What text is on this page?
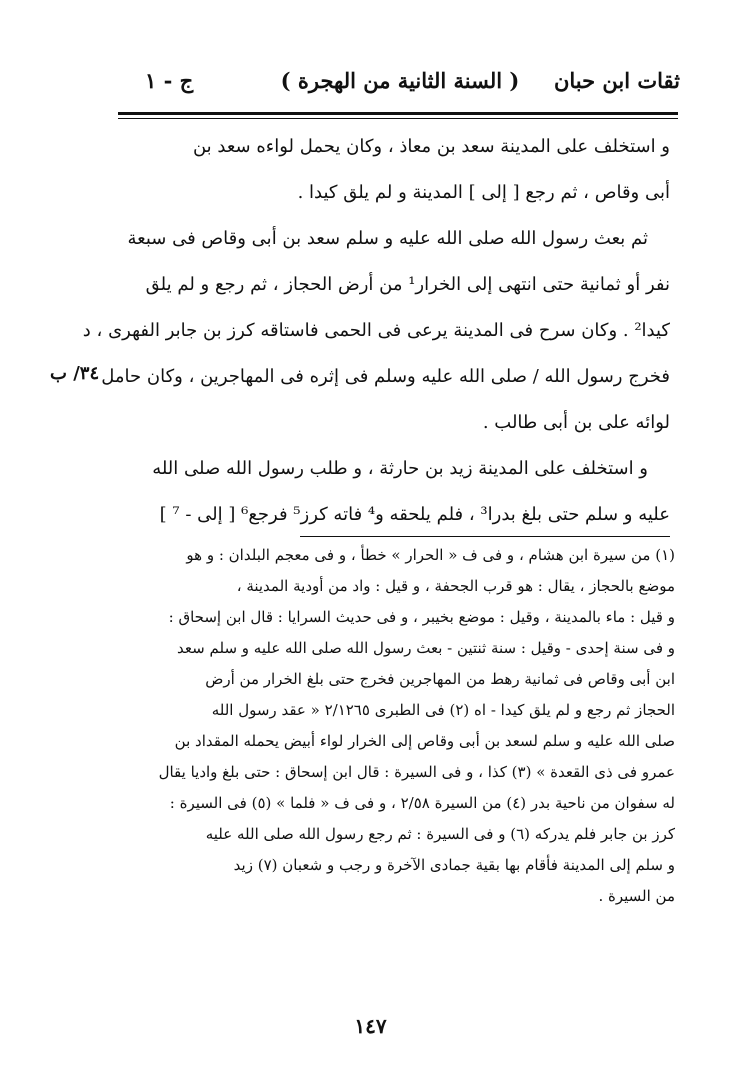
ثقات ابن حبان
( السنة الثانية من الهجرة )
ج - ١
و استخلف على المدينة سعد بن معاذ ، وكان يحمل لواءه سعد بن
أبى وقاص ، ثم رجع [ إلى ] المدينة و لم يلق كيدا .
ثم بعث رسول الله صلى الله عليه و سلم سعد بن أبى وقاص فى سبعة
نفر أو ثمانية حتى انتهى إلى الخرار¹ من أرض الحجاز ، ثم رجع و لم يلق
كيدا² . وكان سرح فى المدينة يرعى فى الحمى فاستاقه كرز بن جابر الفهرى ، د
فخرج رسول الله / صلى الله عليه وسلم فى إثره فى المهاجرين ، وكان حامل
لوائه على بن أبى طالب .
و استخلف على المدينة زيد بن حارثة ، و طلب رسول الله صلى الله
عليه و سلم حتى بلغ بدرا³ ، فلم يلحقه و⁴ فاته كرز⁵ فرجع⁶ [ إلى - ⁷ ]
٣٤/ ب
(١) من سيرة ابن هشام ، و فى ف « الحرار » خطأ ، و فى معجم البلدان : و هو
موضع بالحجاز ، يقال : هو قرب الجحفة ، و قيل : واد من أودية المدينة ،
و قيل : ماء بالمدينة ، وقيل : موضع بخيبر ، و فى حديث السرايا : قال ابن إسحاق :
و فى سنة إحدى - وقيل : سنة ثنتين - بعث رسول الله صلى الله عليه و سلم سعد
ابن أبى وقاص فى ثمانية رهط من المهاجرين فخرج حتى بلغ الخرار من أرض
الحجاز ثم رجع و لم يلق كيدا - اه (٢) فى الطبرى ٢/١٢٦٥ « عقد رسول الله
صلى الله عليه و سلم لسعد بن أبى وقاص إلى الخرار لواء أبيض يحمله المقداد بن
عمرو فى ذى القعدة » (٣) كذا ، و فى السيرة : قال ابن إسحاق : حتى بلغ واديا يقال
له سفوان من ناحية بدر (٤) من السيرة ٢/٥٨ ، و فى ف « فلما » (٥) فى السيرة :
كرز بن جابر فلم يدركه (٦) و فى السيرة : ثم رجع رسول الله صلى الله عليه
و سلم إلى المدينة فأقام بها بقية جمادى الآخرة و رجب و شعبان (٧) زيد
من السيرة .
١٤٧
